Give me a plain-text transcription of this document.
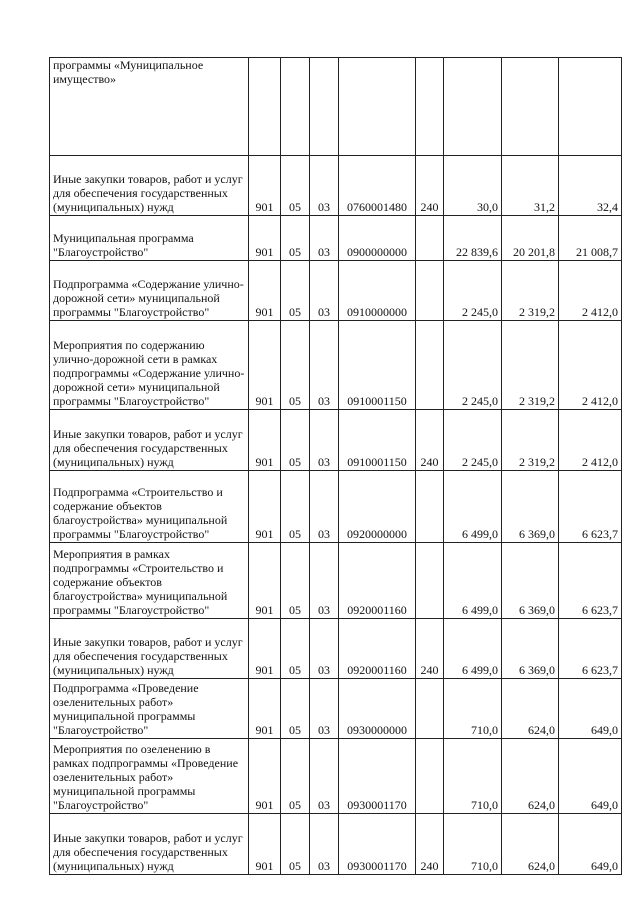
программы «Муниципальное имущество»								
Иные закупки товаров, работ и услуг для обеспечения государственных (муниципальных) нужд	901	05	03	0760001480	240	30,0	31,2	32,4
Муниципальная программа "Благоустройство"	901	05	03	0900000000		22 839,6	20 201,8	21 008,7
Подпрограмма «Содержание улично-дорожной сети» муниципальной программы "Благоустройство"	901	05	03	0910000000		2 245,0	2 319,2	2 412,0
Мероприятия по содержанию улично-дорожной сети в рамках подпрограммы «Содержание улично-дорожной сети» муниципальной программы "Благоустройство"	901	05	03	0910001150		2 245,0	2 319,2	2 412,0
Иные закупки товаров, работ и услуг для обеспечения государственных (муниципальных) нужд	901	05	03	0910001150	240	2 245,0	2 319,2	2 412,0
Подпрограмма «Строительство и содержание объектов благоустройства» муниципальной программы "Благоустройство"	901	05	03	0920000000		6 499,0	6 369,0	6 623,7
Мероприятия в рамках подпрограммы «Строительство и содержание объектов благоустройства» муниципальной программы "Благоустройство"	901	05	03	0920001160		6 499,0	6 369,0	6 623,7
Иные закупки товаров, работ и услуг для обеспечения государственных (муниципальных) нужд	901	05	03	0920001160	240	6 499,0	6 369,0	6 623,7
Подпрограмма «Проведение озеленительных работ» муниципальной программы "Благоустройство"	901	05	03	0930000000		710,0	624,0	649,0
Мероприятия по озеленению в рамках подпрограммы «Проведение озеленительных работ» муниципальной программы "Благоустройство"	901	05	03	0930001170		710,0	624,0	649,0
Иные закупки товаров, работ и услуг для обеспечения государственных (муниципальных) нужд	901	05	03	0930001170	240	710,0	624,0	649,0
